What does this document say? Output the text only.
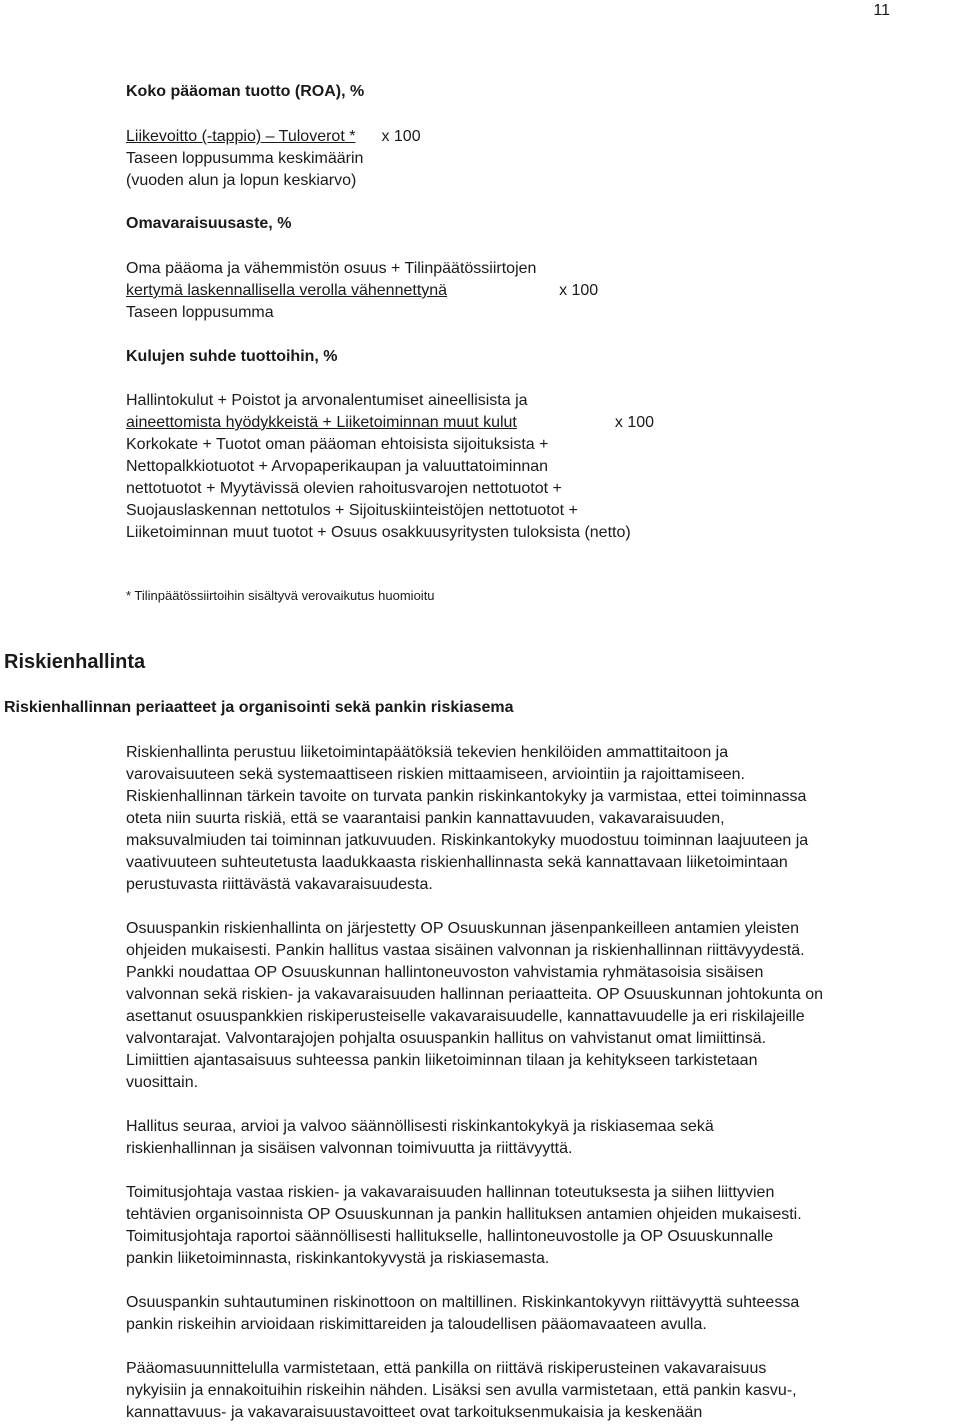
11
Koko pääoman tuotto (ROA), %
Liikevoitto (-tappio) – Tuloverot * x 100
Taseen loppusumma keskimäärin
(vuoden alun ja lopun keskiarvo)
Omavaraisuusaste, %
Oma pääoma ja vähemmistön osuus + Tilinpäätössiirtojen
kertymä laskennallisella verolla vähennettynä	x 100
Taseen loppusumma
Kulujen suhde tuottoihin, %
Hallintokulut + Poistot ja arvonalentumiset aineellisista ja
aineettomista hyödykkeistä + Liiketoiminnan muut kulut	x 100
Korkokate + Tuotot oman pääoman ehtoisista sijoituksista +
Nettopalkkiotuotot + Arvopaperikaupan ja valuuttatoiminnan
nettotuotot + Myytävissä olevien rahoitusvarojen nettotuotot +
Suojauslaskennan nettotulos + Sijoituskiinteistöjen nettotuotot +
Liiketoiminnan muut tuotot + Osuus osakkuusyritysten tuloksista (netto)
* Tilinpäätössiirtoihin sisältyvä verovaikutus huomioitu
Riskienhallinta
Riskienhallinnan periaatteet ja organisointi sekä pankin riskiasema
Riskienhallinta perustuu liiketoimintapäätöksiä tekevien henkilöiden ammattitaitoon ja
varovaisuuteen sekä systemaattiseen riskien mittaamiseen, arviointiin ja rajoittamiseen.
Riskienhallinnan tärkein tavoite on turvata pankin riskinkantokyky ja varmistaa, ettei toiminnassa
oteta niin suurta riskiä, että se vaarantaisi pankin kannattavuuden, vakavaraisuuden,
maksuvalmiuden tai toiminnan jatkuvuuden. Riskinkantokyky muodostuu toiminnan laajuuteen ja
vaativuuteen suhteutetusta laadukkaasta riskienhallinnasta sekä kannattavaan liiketoimintaan
perustuvasta riittävästä vakavaraisuudesta.
Osuuspankin riskienhallinta on järjestetty OP Osuuskunnan jäsenpankeilleen antamien yleisten
ohjeiden mukaisesti. Pankin hallitus vastaa sisäinen valvonnan ja riskienhallinnan riittävyydestä.
Pankki noudattaa OP Osuuskunnan hallintoneuvoston vahvistamia ryhmätasoisia sisäisen
valvonnan sekä riskien- ja vakavaraisuuden hallinnan periaatteita. OP Osuuskunnan johtokunta on
asettanut osuuspankkien riskiperusteiselle vakavaraisuudelle, kannattavuudelle ja eri riskilajeille
valvontarajat. Valvontarajojen pohjalta osuuspankin hallitus on vahvistanut omat limiittinsä.
Limiittien ajantasaisuus suhteessa pankin liiketoiminnan tilaan ja kehitykseen tarkistetaan
vuosittain.
Hallitus seuraa, arvioi ja valvoo säännöllisesti riskinkantokykyä ja riskiasemaa sekä
riskienhallinnan ja sisäisen valvonnan toimivuutta ja riittävyyttä.
Toimitusjohtaja vastaa riskien- ja vakavaraisuuden hallinnan toteutuksesta ja siihen liittyvien
tehtävien organisoinnista OP Osuuskunnan ja pankin hallituksen antamien ohjeiden mukaisesti.
Toimitusjohtaja raportoi säännöllisesti hallitukselle, hallintoneuvostolle ja OP Osuuskunnalle
pankin liiketoiminnasta, riskinkantokyvystä ja riskiasemasta.
Osuuspankin suhtautuminen riskinottoon on maltillinen. Riskinkantokyvyn riittävyyttä suhteessa
pankin riskeihin arvioidaan riskimittareiden ja taloudellisen pääomavaateen avulla.
Pääomasuunnittelulla varmistetaan, että pankilla on riittävä riskiperusteinen vakavaraisuus
nykyisiin ja ennakoituihin riskeihin nähden. Lisäksi sen avulla varmistetaan, että pankin kasvu-,
kannattavuus- ja vakavaraisuustavoitteet ovat tarkoituksenmukaisia ja keskenään
